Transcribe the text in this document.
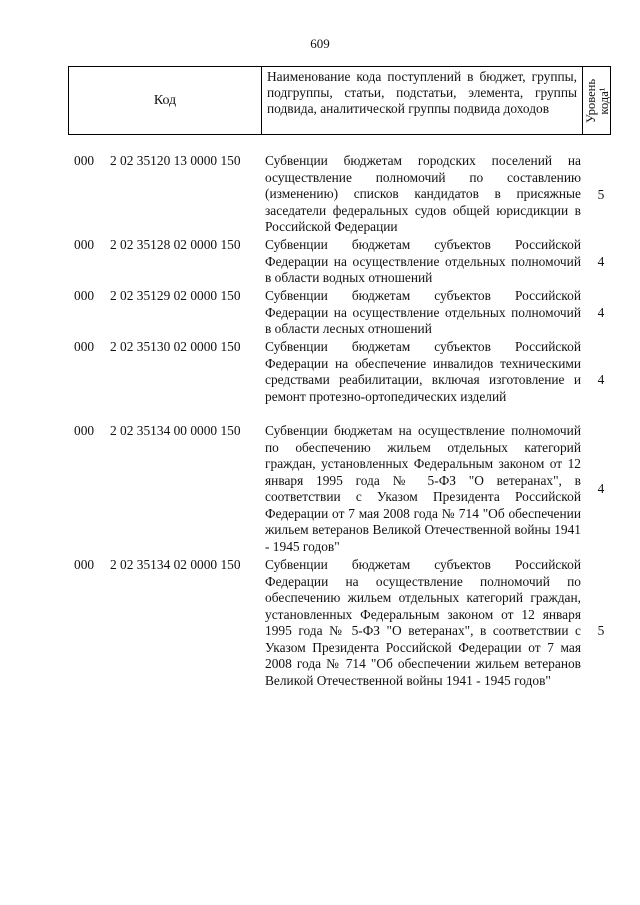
609
Код
Наименование кода поступлений в бюджет, группы, подгруппы, статьи, подстатьи, элемента, группы подвида, аналитической группы подвида доходов	Уровень кода¹
000 2 02 35120 13 0000 150 Субвенции бюджетам городских поселений на осуществление полномочий по составлению (изменению) списков кандидатов в присяжные заседатели федеральных судов общей юрисдикции в Российской Федерации
5
000 2 02 35128 02 0000 150 Субвенции бюджетам субъектов Российской Федерации на осуществление отдельных полномочий в области водных отношений
4
000 2 02 35129 02 0000 150 Субвенции бюджетам субъектов Российской Федерации на осуществление отдельных полномочий в области лесных отношений
4
000 2 02 35130 02 0000 150 Субвенции бюджетам субъектов Российской Федерации на обеспечение инвалидов техническими средствами реабилитации, включая изготовление и ремонт протезно-ортопедических изделий
4
000 2 02 35134 00 0000 150 Субвенции бюджетам на осуществление полномочий по обеспечению жильем отдельных категорий граждан, установленных Федеральным законом от 12 января 1995 года № 5-ФЗ "О ветеранах", в соответствии с Указом Президента Российской Федерации от 7 мая 2008 года № 714 "Об обеспечении жильем ветеранов Великой Отечественной войны 1941 - 1945 годов"
4
000 2 02 35134 02 0000 150 Субвенции бюджетам субъектов Российской Федерации на осуществление полномочий по обеспечению жильем отдельных категорий граждан, установленных Федеральным законом от 12 января 1995 года № 5-ФЗ "О ветеранах", в соответствии с Указом Президента Российской Федерации от 7 мая 2008 года № 714 "Об обеспечении жильем ветеранов Великой Отечественной войны 1941 - 1945 годов"
5
